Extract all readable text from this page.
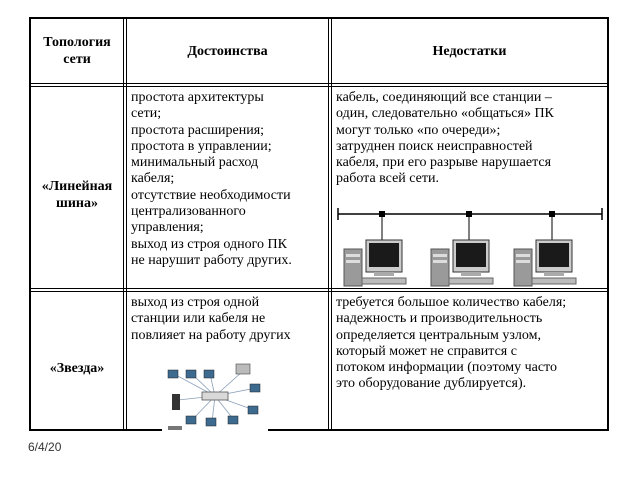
Топология
сети
Достоинства	Недостатки
«Линейная
шина»
простота архитектуры
сети;
простота расширения;
простота в управлении;
минимальный расход
кабеля;
отсутствие необходимости
централизованного
управления;
выход из строя одного ПК
не нарушит работу других.
кабель, соединяющий все станции –
один, следовательно «общаться» ПК
могут только «по очереди»;
затруднен поиск неисправностей
кабеля, при его разрыве нарушается
работа всей сети.
«Звезда»
выход из строя одной
станции или кабеля не
повлияет на работу других
требуется большое количество кабеля;
надежность и производительность
определяется центральным узлом,
который может не справится с
потоком информации (поэтому часто
это оборудование дублируется).
6/4/20
